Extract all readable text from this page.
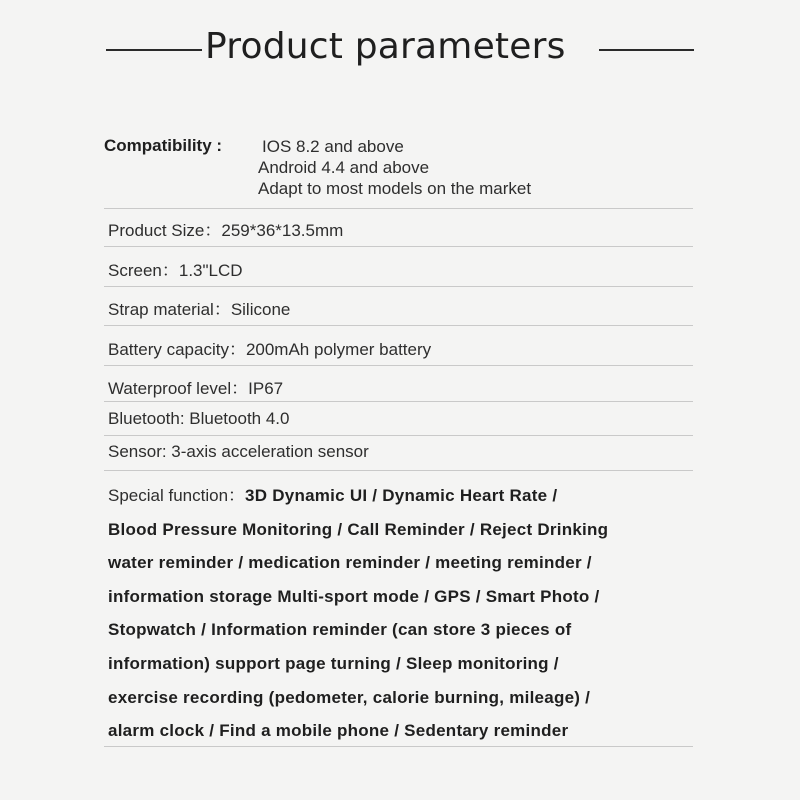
Product parameters
Compatibility : IOS 8.2 and above
Android 4.4 and above
Adapt to most models on the market
Product Size：259*36*13.5mm
Screen：1.3"LCD
Strap material：Silicone
Battery capacity：200mAh polymer battery
Waterproof level：IP67
Bluetooth: Bluetooth 4.0
Sensor: 3-axis acceleration sensor
Special function：3D Dynamic UI / Dynamic Heart Rate /
Blood Pressure Monitoring / Call Reminder / Reject Drinking
water reminder / medication reminder / meeting reminder /
information storage Multi-sport mode / GPS / Smart Photo /
Stopwatch / Information reminder (can store 3 pieces of
information) support page turning / Sleep monitoring /
exercise recording (pedometer, calorie burning, mileage) /
alarm clock / Find a mobile phone / Sedentary reminder
